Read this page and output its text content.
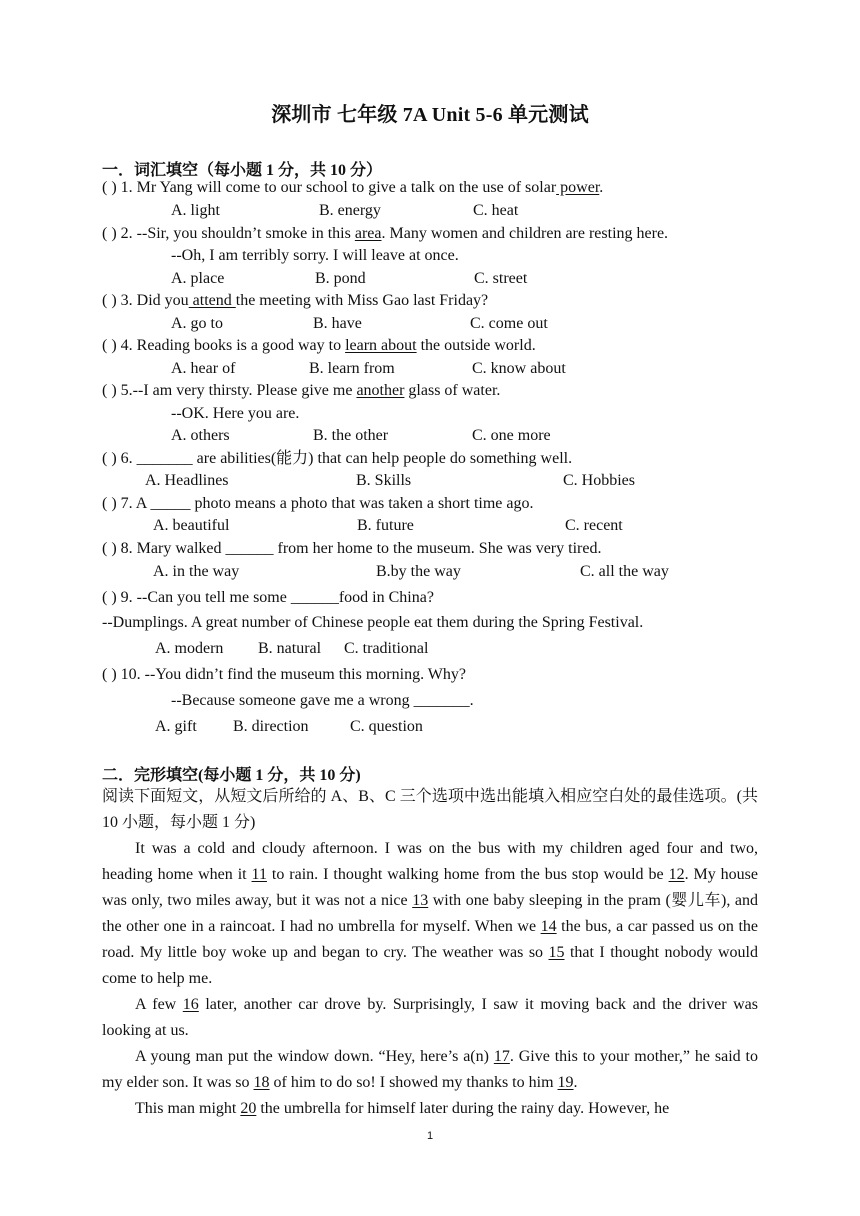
深圳市 七年级 7A Unit 5-6 单元测试
一．词汇填空（每小题 1 分，共 10 分）
( ) 1. Mr Yang will come to our school to give a talk on the use of solar power.
A. light	B. energy	C. heat
( ) 2. --Sir, you shouldn’t smoke in this area. Many women and children are resting here.
--Oh, I am terribly sorry. I will leave at once.
A. place	B. pond	C. street
( ) 3. Did you attend the meeting with Miss Gao last Friday?
A. go to	B. have	C. come out
( ) 4. Reading books is a good way to learn about the outside world.
A. hear of	B. learn from	C. know about
( ) 5.--I am very thirsty. Please give me another glass of water.
--OK. Here you are.
A. others	B. the other	C. one more
( ) 6. _______ are abilities(能力) that can help people do something well.
A. Headlines	B. Skills	C. Hobbies
( ) 7. A _____ photo means a photo that was taken a short time ago.
A. beautiful	B. future	C. recent
( ) 8. Mary walked ______ from her home to the museum. She was very tired.
A. in the way	B.by the way	C. all the way
( ) 9. --Can you tell me some ______food in China?
--Dumplings. A great number of Chinese people eat them during the Spring Festival.
A. modern B. natural C. traditional
( ) 10. --You didn’t find the museum this morning. Why?
--Because someone gave me a wrong _______.
A. gift B. direction	C. question
二．完形填空(每小题 1 分，共 10 分)

阅读下面短文，从短文后所给的 A、B、C 三个选项中选出能填入相应空白处的最佳选项。(共 10 小题，每小题 1 分)

It was a cold and cloudy afternoon. I was on the bus with my children aged four and two, heading home when it 11 to rain. I thought walking home from the bus stop would be 12. My house was only, two miles away, but it was not a nice 13 with one baby sleeping in the pram (婴儿车), and the other one in a raincoat. I had no umbrella for myself. When we 14 the bus, a car passed us on the road. My little boy woke up and began to cry. The weather was so 15 that I thought nobody would come to help me.

A few 16 later, another car drove by. Surprisingly, I saw it moving back and the driver was looking at us.

A young man put the window down. “Hey, here’s a(n) 17. Give this to your mother,” he said to my elder son. It was so 18 of him to do so! I showed my thanks to him 19.

This man might 20 the umbrella for himself later during the rainy day. However, he

1
